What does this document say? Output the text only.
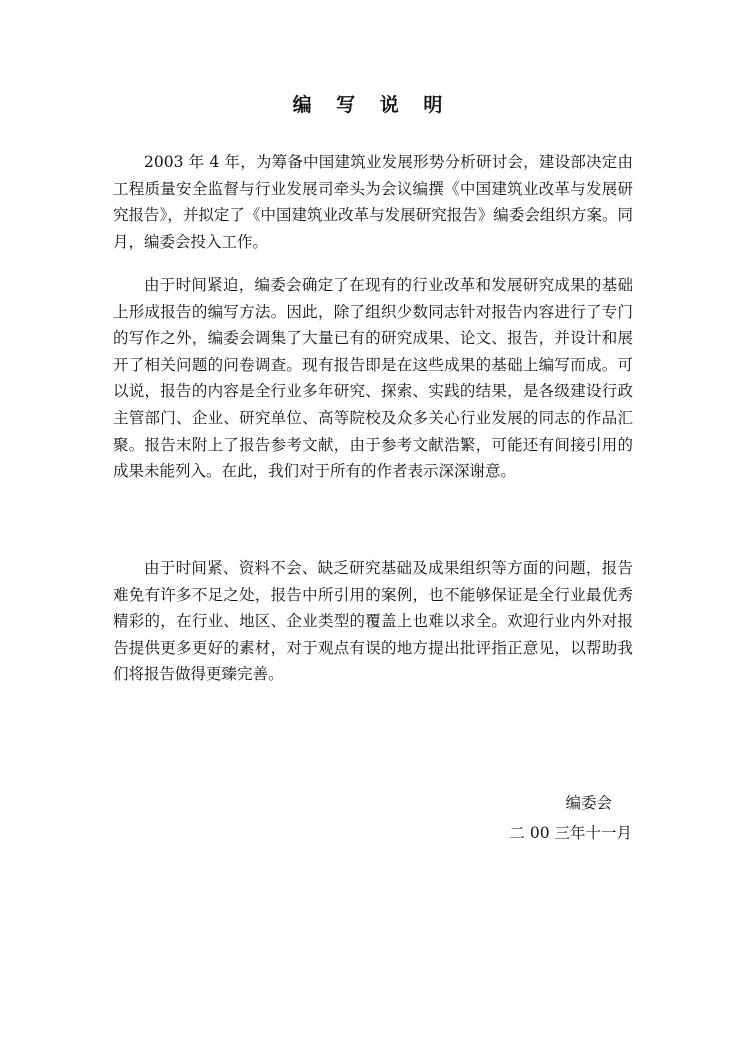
编 写 说 明

2003 年 4 年，为筹备中国建筑业发展形势分析研讨会，建设部决定由工程质量安全监督与行业发展司牵头为会议编撰《中国建筑业改革与发展研究报告》，并拟定了《中国建筑业改革与发展研究报告》编委会组织方案。同月，编委会投入工作。

由于时间紧迫，编委会确定了在现有的行业改革和发展研究成果的基础上形成报告的编写方法。因此，除了组织少数同志针对报告内容进行了专门的写作之外，编委会调集了大量已有的研究成果、论文、报告，并设计和展开了相关问题的问卷调查。现有报告即是在这些成果的基础上编写而成。可以说，报告的内容是全行业多年研究、探索、实践的结果，是各级建设行政主管部门、企业、研究单位、高等院校及众多关心行业发展的同志的作品汇聚。报告末附上了报告参考文献，由于参考文献浩繁，可能还有间接引用的成果未能列入。在此，我们对于所有的作者表示深深谢意。

由于时间紧、资料不会、缺乏研究基础及成果组织等方面的问题，报告难免有许多不足之处，报告中所引用的案例，也不能够保证是全行业最优秀精彩的，在行业、地区、企业类型的覆盖上也难以求全。欢迎行业内外对报告提供更多更好的素材，对于观点有误的地方提出批评指正意见，以帮助我们将报告做得更臻完善。

编委会
二 00 三年十一月
